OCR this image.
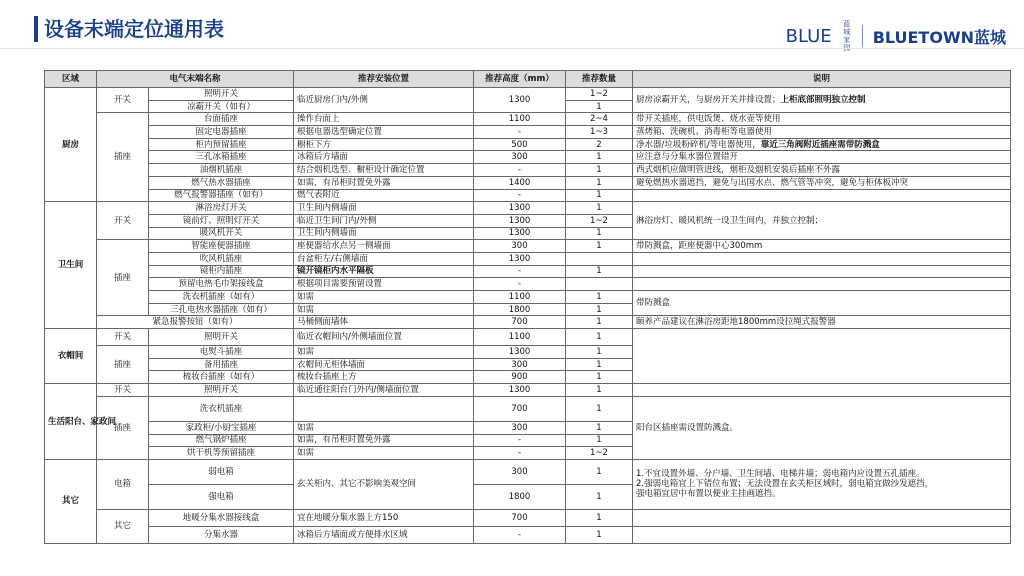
设备末端定位通用表	BLUE
蓝城家园
BLUETOWN蓝城
区域	电气末端名称		推荐安装位置	推荐高度（mm）	推荐数量	说明
厨房	开关	照明开关	临近厨房门内/外侧	1300	1~2	厨房凉霸开关，与厨房开关并排设置；上柜底部照明独立控制
		凉霸开关（如有）			1	
	插座	台面插座	操作台面上	1100	2~4	带开关插座，供电饭煲、烧水壶等使用
		固定电器插座	根据电器选型确定位置	-	1~3	蒸烤箱、洗碗机、消毒柜等电器使用
		柜内预留插座	橱柜下方	500	2	净水器/垃圾粉碎机/等电器使用，靠近三角阀附近插座需带防溅盒
		三孔冰箱插座	冰箱后方墙面	300	1	应注意与分集水器位置错开
		油烟机插座	结合烟机选型、橱柜设计确定位置	-	1	西式烟机应做明管进线，烟柜及烟机安装后插座不外露
		燃气热水器插座	如需，有吊柜时置免外露	1400	1	避免燃热水器遮挡，避免与出国水点、燃气管等冲突，避免与柜体板冲突
		燃气报警器插座（如有）	燃气表附近	-	1	
卫生间	开关	淋浴房灯开关	卫生间内侧墙面	1300	1	淋浴房灯、暖风机统一设卫生间内，并独立控制；
		镜前灯、照明灯开关	临近卫生间门内/外侧	1300	1~2	
		暖风机开关	卫生间内侧墙面	1300	1	
	插座	智能座便器插座	座便器给水点另一侧墙面	300	1	带防溅盒，距座便器中心300mm
		吹风机插座	台盆柜左/右侧墙面	1300		
		镜柜内插座	镜开镜柜内水平隔板	-	1	
		预留电热毛巾架接线盒	根据项目需要预留设置	-		
		洗衣机插座（如有）	如需	1100	1	带防溅盒
		三孔电热水器插座（如有）	如需	1800	1	
	紧急报警按钮（如有）		马桶侧面墙体	700	1	颐养产品建议在淋浴房距地1800mm设拉绳式报警器
衣帽间	开关	照明开关	临近衣帽间内/外侧墙面位置	1100	1	
	插座	电熨斗插座	如需	1300	1	
		备用插座	衣帽间无柜体墙面	300	1	
		梳妆台插座（如有）	梳妆台插座上方	900	1	
生活阳台、家政间	开关	照明开关	临近通往阳台门外内/侧墙面位置	1300	1	
	插座	洗衣机插座		700	1	阳台区插座需设置防溅盒。
		家政柜/小厨宝插座	如需	300	1	
		燃气锅炉插座	如需，有吊柜时置免外露	-	1	
		烘干机等预留插座	如需	-	1~2	
其它	电箱	弱电箱	玄关柜内、其它不影响美观空间	300	1	1.不宜设置外墙、分户墙、卫生间墙、电梯井墙；弱电箱内应设置五孔插座。
2.强弱电箱宜上下错位布置；无法设置在玄关柜区域时，弱电箱宜做沙发遮挡，
强电箱宜居中布置以便业主挂画遮挡。

		强电箱		1800	1	
	其它	地暖分集水器接线盒	宜在地暖分集水器上方150	700	1	
		分集水器	冰箱后方墙面或方便排水区域	-	1	
